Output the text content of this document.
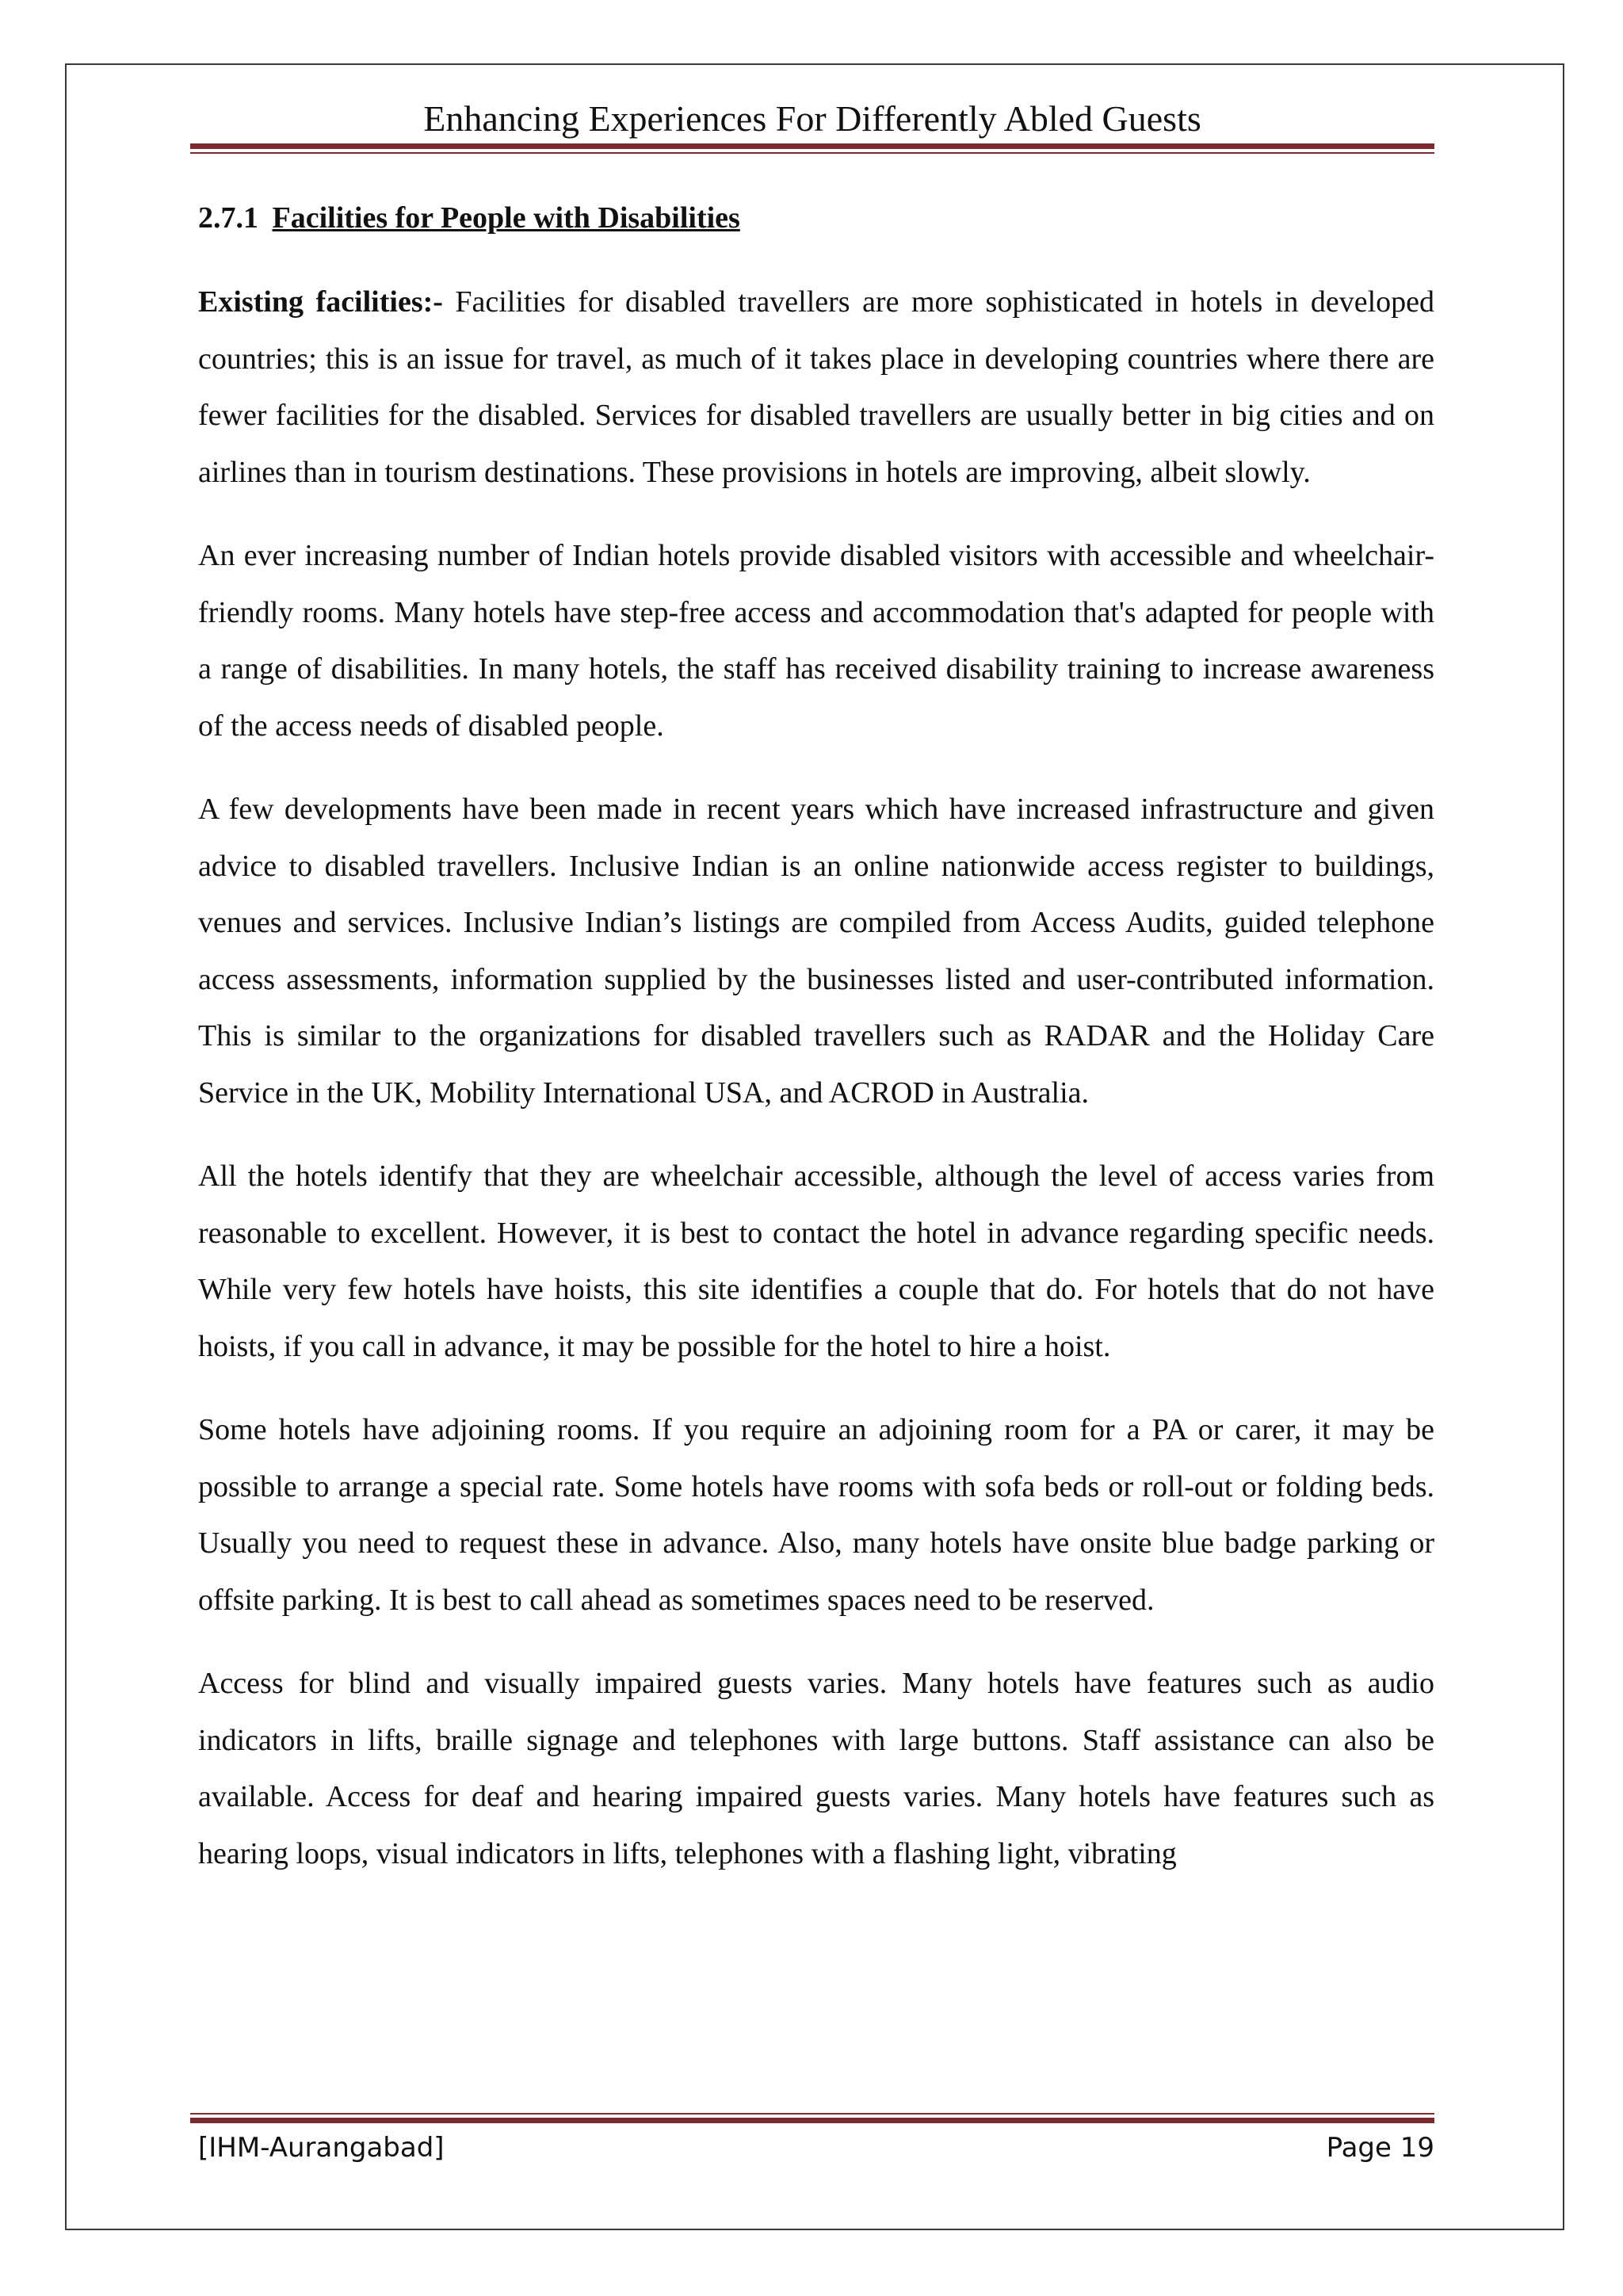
Enhancing Experiences For Differently Abled Guests
2.7.1 Facilities for People with Disabilities

Existing facilities:- Facilities for disabled travellers are more sophisticated in hotels in developed countries; this is an issue for travel, as much of it takes place in developing countries where there are fewer facilities for the disabled. Services for disabled travellers are usually better in big cities and on airlines than in tourism destinations. These provisions in hotels are improving, albeit slowly.

An ever increasing number of Indian hotels provide disabled visitors with accessible and wheelchair-friendly rooms. Many hotels have step-free access and accommodation that's adapted for people with a range of disabilities. In many hotels, the staff has received disability training to increase awareness of the access needs of disabled people.

A few developments have been made in recent years which have increased infrastructure and given advice to disabled travellers. Inclusive Indian is an online nationwide access register to buildings, venues and services. Inclusive Indian’s listings are compiled from Access Audits, guided telephone access assessments, information supplied by the businesses listed and user-contributed information. This is similar to the organizations for disabled travellers such as RADAR and the Holiday Care Service in the UK, Mobility International USA, and ACROD in Australia.

All the hotels identify that they are wheelchair accessible, although the level of access varies from reasonable to excellent. However, it is best to contact the hotel in advance regarding specific needs. While very few hotels have hoists, this site identifies a couple that do. For hotels that do not have hoists, if you call in advance, it may be possible for the hotel to hire a hoist.

Some hotels have adjoining rooms. If you require an adjoining room for a PA or carer, it may be possible to arrange a special rate. Some hotels have rooms with sofa beds or roll-out or folding beds. Usually you need to request these in advance. Also, many hotels have onsite blue badge parking or offsite parking. It is best to call ahead as sometimes spaces need to be reserved.

Access for blind and visually impaired guests varies. Many hotels have features such as audio indicators in lifts, braille signage and telephones with large buttons. Staff assistance can also be available. Access for deaf and hearing impaired guests varies. Many hotels have features such as hearing loops, visual indicators in lifts, telephones with a flashing light, vibrating

[IHM-Aurangabad]	Page 19
